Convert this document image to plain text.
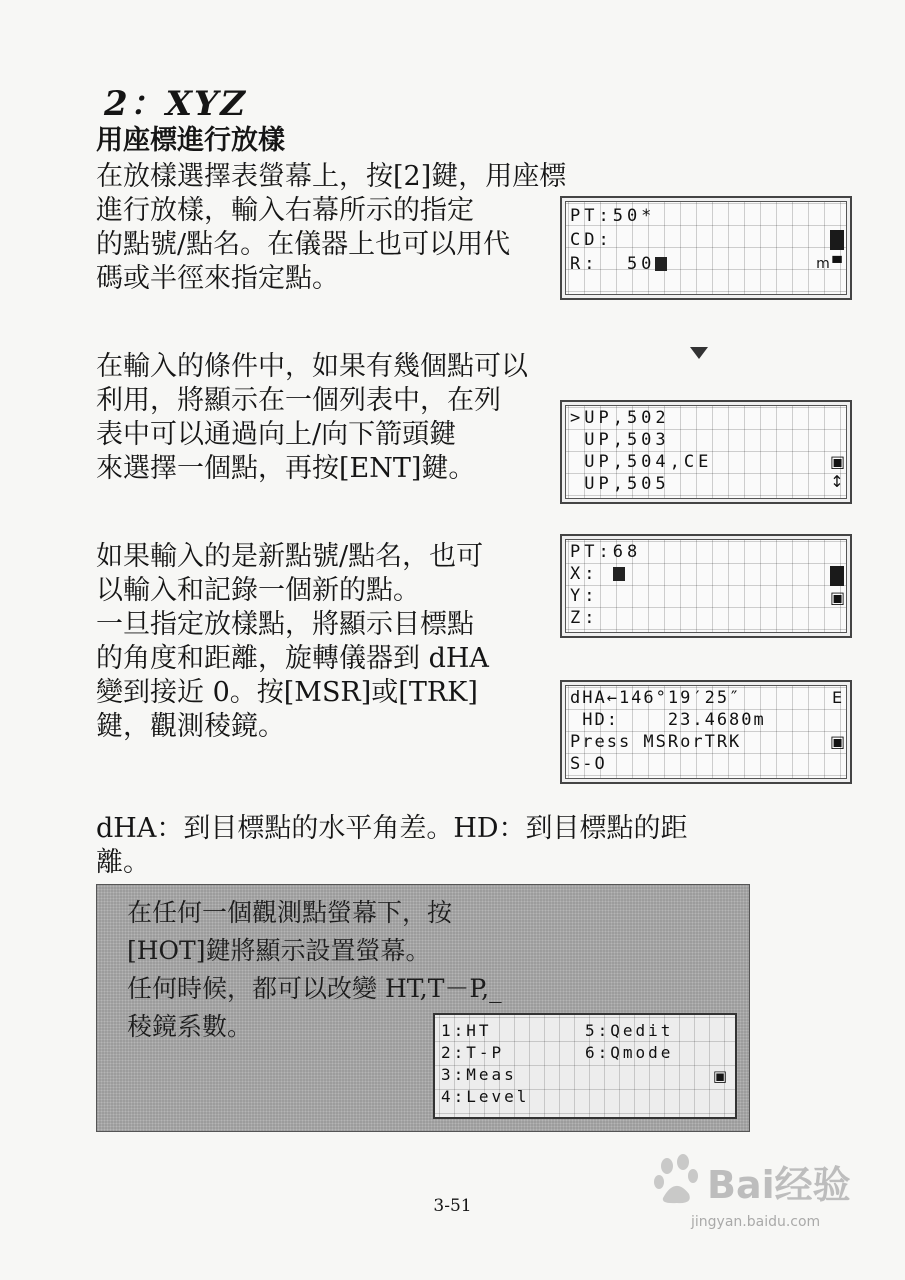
2：XYZ
用座標進行放樣
在放樣選擇表螢幕上，按[2]鍵，用座標
進行放樣，輸入右幕所示的指定
的點號/點名。在儀器上也可以用代
碼或半徑來指定點。
在輸入的條件中，如果有幾個點可以
利用，將顯示在一個列表中，在列
表中可以通過向上/向下箭頭鍵
來選擇一個點，再按[ENT]鍵。
如果輸入的是新點號/點名，也可
以輸入和記錄一個新的點。
一旦指定放樣點，將顯示目標點
的角度和距離，旋轉儀器到 dHA
變到接近 0。按[MSR]或[TRK]
鍵，觀測稜鏡。
dHA：到目標點的水平角差。HD：到目標點的距
離。
PT:50*
CD:
R:  50	m ▀
>UP,502
UP,503
UP,504,CE
UP,505
▣
↕
PT:68
X:
Y:
Z:
▣
dHA←146°19′25″
HD:    23.4680m
Press MSRorTRK
S-O
E
▣
在任何一個觀測點螢幕下，按
[HOT]鍵將顯示設置螢幕。
任何時候，都可以改變 HT,T－P,_
稜鏡系數。	1:HT
2:T-P
3:Meas
4:Level
5:Qedit
6:Qmode
▣
3-51	Bai经验
jingyan.baidu.com
